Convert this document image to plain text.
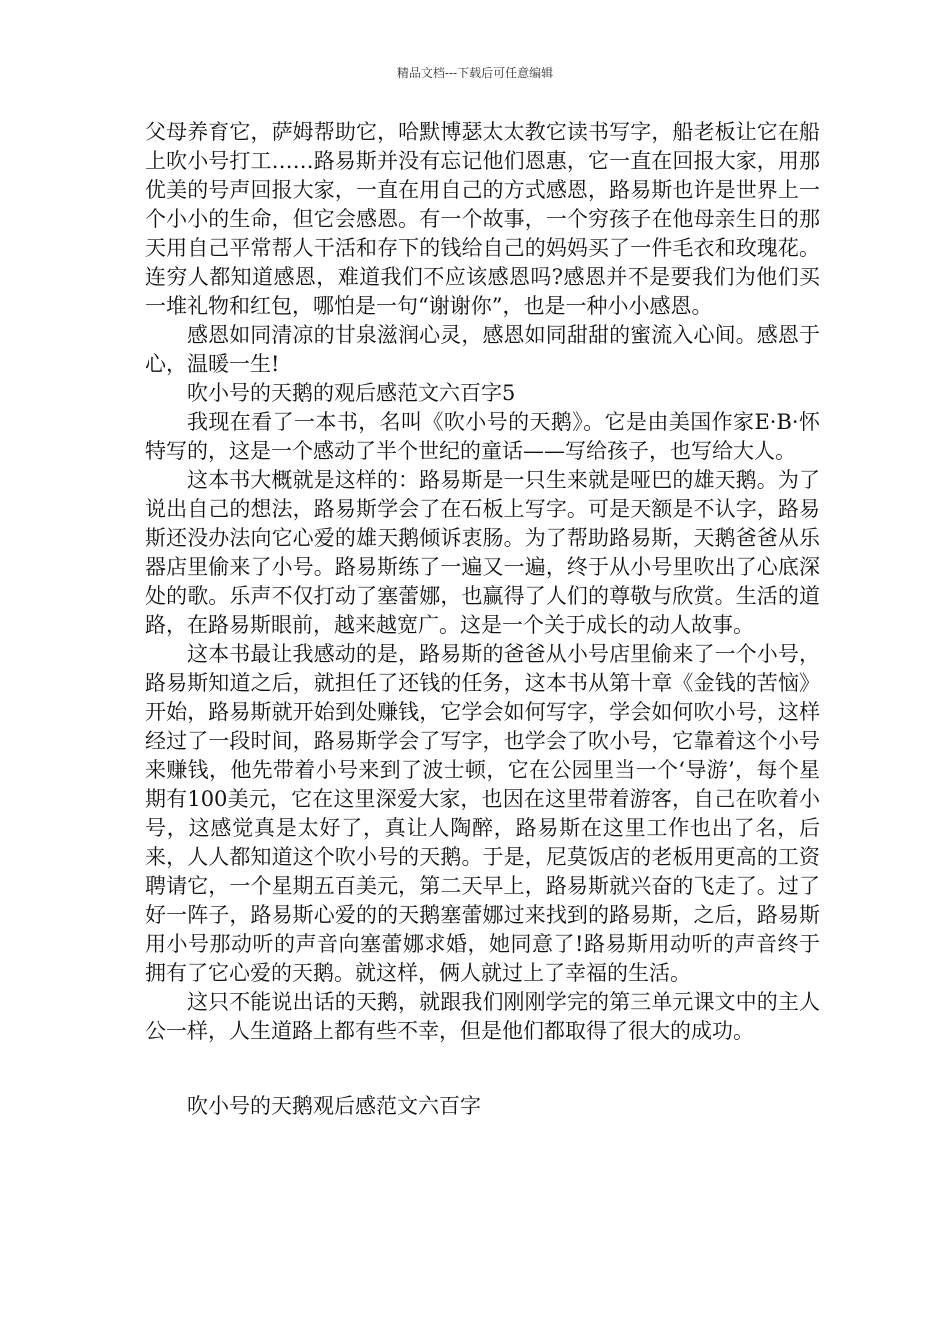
精品文档---下载后可任意编辑

父母养育它，萨姆帮助它，哈默博瑟太太教它读书写字，船老板让它在船上吹小号打工……路易斯并没有忘记他们恩惠，它一直在回报大家，用那优美的号声回报大家，一直在用自己的方式感恩，路易斯也许是世界上一个小小的生命，但它会感恩。有一个故事，一个穷孩子在他母亲生日的那天用自己平常帮人干活和存下的钱给自己的妈妈买了一件毛衣和玫瑰花。连穷人都知道感恩，难道我们不应该感恩吗?感恩并不是要我们为他们买一堆礼物和红包，哪怕是一句“谢谢你”，也是一种小小感恩。

感恩如同清凉的甘泉滋润心灵，感恩如同甜甜的蜜流入心间。感恩于心，温暖一生!

吹小号的天鹅的观后感范文六百字5

我现在看了一本书，名叫《吹小号的天鹅》。它是由美国作家E·B·怀特写的，这是一个感动了半个世纪的童话——写给孩子，也写给大人。

这本书大概就是这样的：路易斯是一只生来就是哑巴的雄天鹅。为了说出自己的想法，路易斯学会了在石板上写字。可是天额是不认字，路易斯还没办法向它心爱的雄天鹅倾诉衷肠。为了帮助路易斯，天鹅爸爸从乐器店里偷来了小号。路易斯练了一遍又一遍，终于从小号里吹出了心底深处的歌。乐声不仅打动了塞蕾娜，也赢得了人们的尊敬与欣赏。生活的道路，在路易斯眼前，越来越宽广。这是一个关于成长的动人故事。

这本书最让我感动的是，路易斯的爸爸从小号店里偷来了一个小号，路易斯知道之后，就担任了还钱的任务，这本书从第十章《金钱的苦恼》开始，路易斯就开始到处赚钱，它学会如何写字，学会如何吹小号，这样经过了一段时间，路易斯学会了写字，也学会了吹小号，它靠着这个小号来赚钱，他先带着小号来到了波士顿，它在公园里当一个‘导游’，每个星期有100美元，它在这里深爱大家，也因在这里带着游客，自己在吹着小号，这感觉真是太好了，真让人陶醉，路易斯在这里工作也出了名，后来，人人都知道这个吹小号的天鹅。于是，尼莫饭店的老板用更高的工资聘请它，一个星期五百美元，第二天早上，路易斯就兴奋的飞走了。过了好一阵子，路易斯心爱的的天鹅塞蕾娜过来找到的路易斯，之后，路易斯用小号那动听的声音向塞蕾娜求婚，她同意了!路易斯用动听的声音终于拥有了它心爱的天鹅。就这样，俩人就过上了幸福的生活。

这只不能说出话的天鹅，就跟我们刚刚学完的第三单元课文中的主人公一样，人生道路上都有些不幸，但是他们都取得了很大的成功。

吹小号的天鹅观后感范文六百字
